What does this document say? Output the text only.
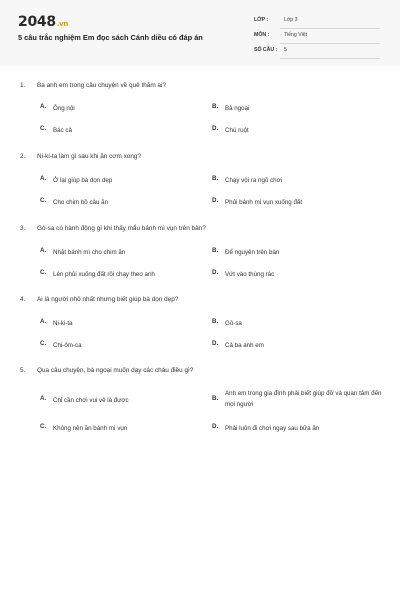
2048.vn
5 câu trắc nghiệm Em đọc sách Cánh diều có đáp án
LỚP :	Lớp 3
MÔN :	Tiếng Việt
SỐ CÂU : 5
1. Ba anh em trong câu chuyện về quê thăm ai?
A. Ông nội	B. Bà ngoại
C. Bác cả	D. Chú ruột
2. Ni-ki-ta làm gì sau khi ăn cơm xong?
A. Ở lại giúp bà dọn dẹp	B. Chạy vội ra ngõ chơi
C. Cho chim bồ câu ăn	D. Phủi bánh mì vụn xuống đất
3. Gô-sa có hành động gì khi thấy mẩu bánh mì vụn trên bàn?
A. Nhặt bánh mì cho chim ăn	B. Để nguyên trên bàn
C. Lén phủi xuống đất rồi chạy theo anh	D. Vứt vào thùng rác
4. Ai là người nhỏ nhất nhưng biết giúp bà dọn dẹp?
A. Ni-ki-ta	B. Gô-sa
C. Chi-ôm-ca	D. Cả ba anh em
5. Qua câu chuyện, bà ngoại muốn dạy các cháu điều gì?
A. Chỉ cần chơi vui vẻ là được	B.
Anh em trong gia đình phải biết giúp đỡ và quan tâm đến mọi người
C. Không nên ăn bánh mì vụn	D. Phải luôn đi chơi ngay sau bữa ăn
